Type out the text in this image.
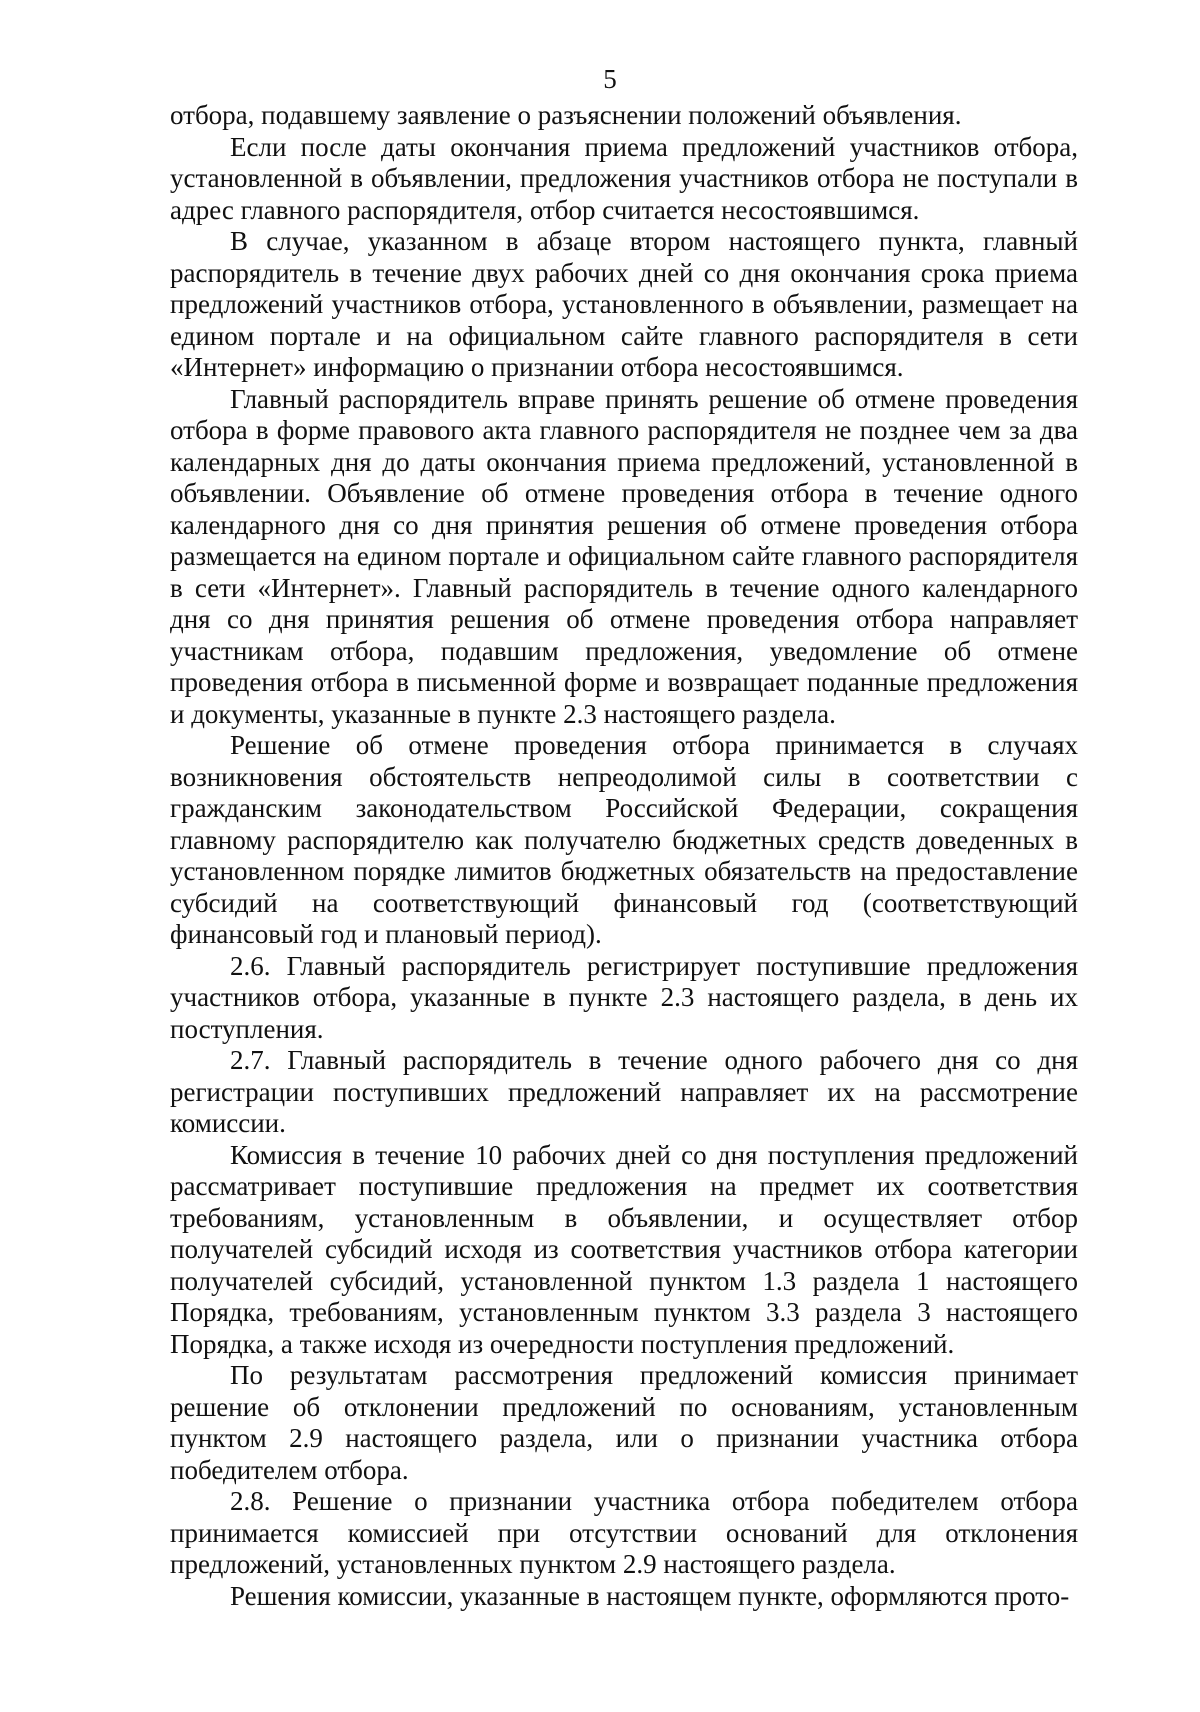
5

отбора, подавшему заявление о разъяснении положений объявления.

Если после даты окончания приема предложений участников отбора, установленной в объявлении, предложения участников отбора не поступали в адрес главного распорядителя, отбор считается несостоявшимся.

В случае, указанном в абзаце втором настоящего пункта, главный распорядитель в течение двух рабочих дней со дня окончания срока приема предложений участников отбора, установленного в объявлении, размещает на едином портале и на официальном сайте главного распорядителя в сети «Интернет» информацию о признании отбора несостоявшимся.

Главный распорядитель вправе принять решение об отмене проведения отбора в форме правового акта главного распорядителя не позднее чем за два календарных дня до даты окончания приема предложений, установленной в объявлении. Объявление об отмене проведения отбора в течение одного календарного дня со дня принятия решения об отмене проведения отбора размещается на едином портале и официальном сайте главного распорядителя в сети «Интернет». Главный распорядитель в течение одного календарного дня со дня принятия решения об отмене проведения отбора направляет участникам отбора, подавшим предложения, уведомление об отмене проведения отбора в письменной форме и возвращает поданные предложения и документы, указанные в пункте 2.3 настоящего раздела.

Решение об отмене проведения отбора принимается в случаях возникновения обстоятельств непреодолимой силы в соответствии с гражданским законодательством Российской Федерации, сокращения главному распорядителю как получателю бюджетных средств доведенных в установленном порядке лимитов бюджетных обязательств на предоставление субсидий на соответствующий финансовый год (соответствующий финансовый год и плановый период).

2.6. Главный распорядитель регистрирует поступившие предложения участников отбора, указанные в пункте 2.3 настоящего раздела, в день их поступления.

2.7. Главный распорядитель в течение одного рабочего дня со дня регистрации поступивших предложений направляет их на рассмотрение комиссии.

Комиссия в течение 10 рабочих дней со дня поступления предложений рассматривает поступившие предложения на предмет их соответствия требованиям, установленным в объявлении, и осуществляет отбор получателей субсидий исходя из соответствия участников отбора категории получателей субсидий, установленной пунктом 1.3 раздела 1 настоящего Порядка, требованиям, установленным пунктом 3.3 раздела 3 настоящего Порядка, а также исходя из очередности поступления предложений.

По результатам рассмотрения предложений комиссия принимает решение об отклонении предложений по основаниям, установленным пунктом 2.9 настоящего раздела, или о признании участника отбора победителем отбора.

2.8. Решение о признании участника отбора победителем отбора принимается комиссией при отсутствии оснований для отклонения предложений, установленных пунктом 2.9 настоящего раздела.

Решения комиссии, указанные в настоящем пункте, оформляются прото-
